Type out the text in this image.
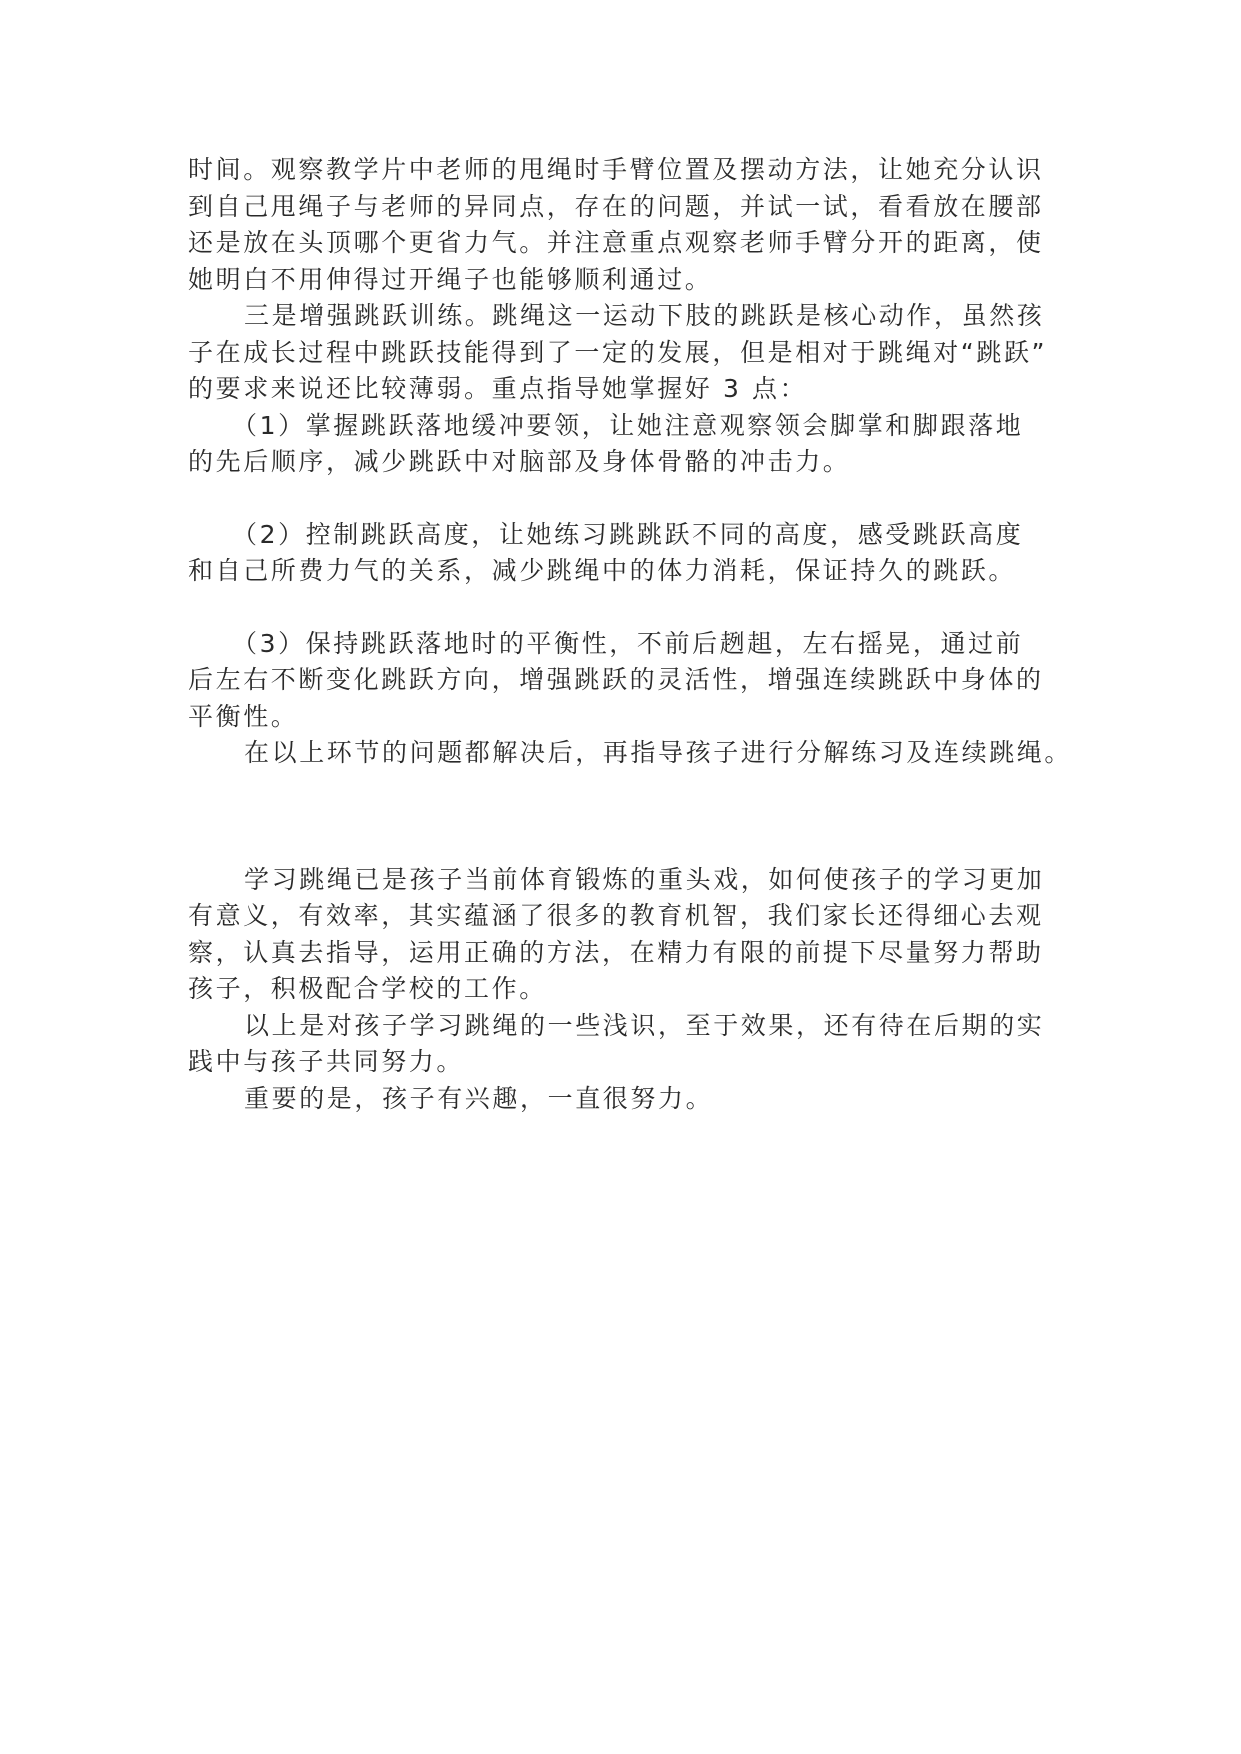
时间。观察教学片中老师的甩绳时手臂位置及摆动方法，让她充分认识

到自己甩绳子与老师的异同点，存在的问题，并试一试，看看放在腰部

还是放在头顶哪个更省力气。并注意重点观察老师手臂分开的距离，使

她明白不用伸得过开绳子也能够顺利通过。

三是增强跳跃训练。跳绳这一运动下肢的跳跃是核心动作，虽然孩

子在成长过程中跳跃技能得到了一定的发展，但是相对于跳绳对“跳跃”

的要求来说还比较薄弱。重点指导她掌握好 3 点：

（1）掌握跳跃落地缓冲要领，让她注意观察领会脚掌和脚跟落地

的先后顺序，减少跳跃中对脑部及身体骨骼的冲击力。

（2）控制跳跃高度，让她练习跳跳跃不同的高度，感受跳跃高度

和自己所费力气的关系，减少跳绳中的体力消耗，保证持久的跳跃。

（3）保持跳跃落地时的平衡性，不前后趔趄，左右摇晃，通过前

后左右不断变化跳跃方向，增强跳跃的灵活性，增强连续跳跃中身体的

平衡性。

在以上环节的问题都解决后，再指导孩子进行分解练习及连续跳绳。

学习跳绳已是孩子当前体育锻炼的重头戏，如何使孩子的学习更加

有意义，有效率，其实蕴涵了很多的教育机智，我们家长还得细心去观

察，认真去指导，运用正确的方法，在精力有限的前提下尽量努力帮助

孩子，积极配合学校的工作。

以上是对孩子学习跳绳的一些浅识，至于效果，还有待在后期的实

践中与孩子共同努力。

重要的是，孩子有兴趣，一直很努力。
